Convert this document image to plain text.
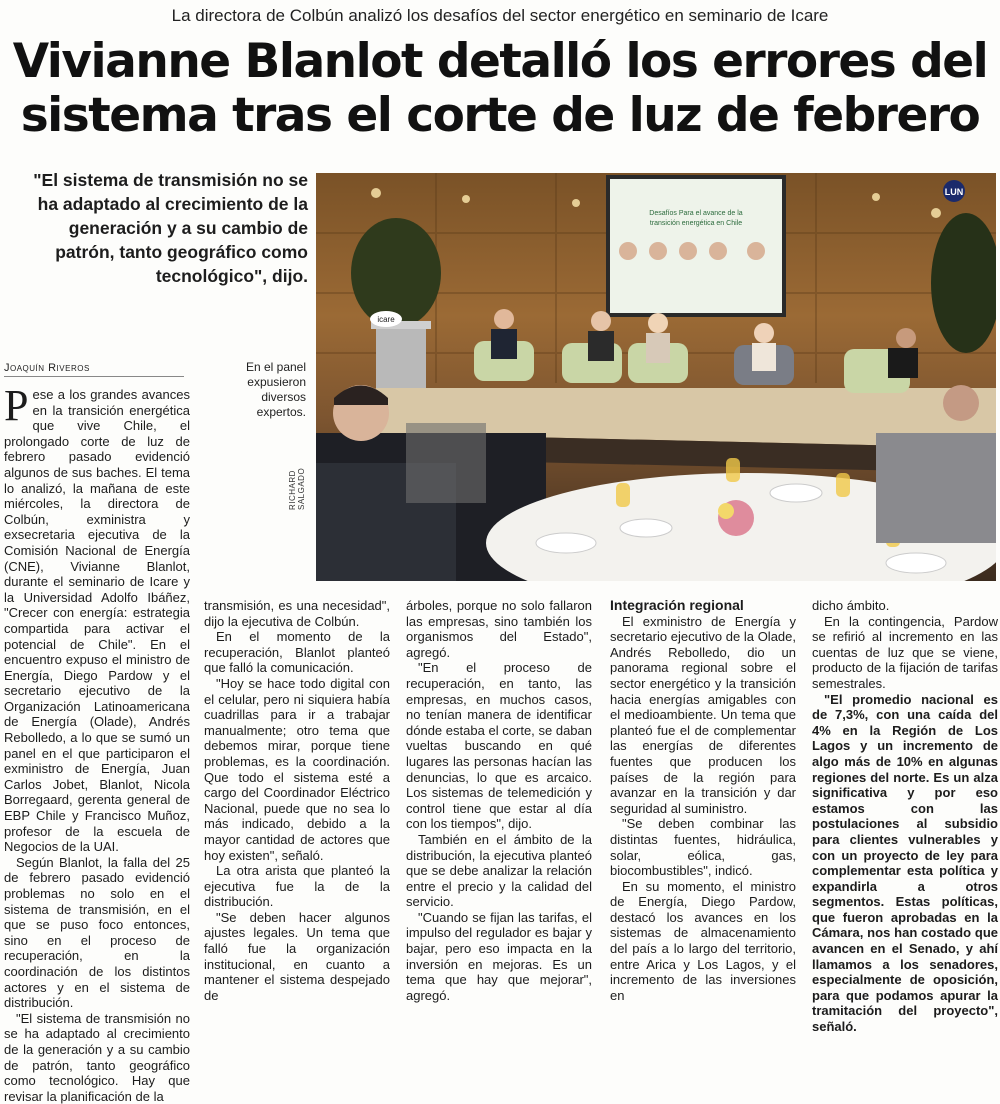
La directora de Colbún analizó los desafíos del sector energético en seminario de Icare
Vivianne Blanlot detalló los errores del
sistema tras el corte de luz de febrero
"El sistema de transmisión no se ha adaptado al crecimiento de la generación y a su cambio de patrón, tanto geográfico como tecnológico", dijo.
Desafíos Para el avance de la
transición energética en Chile
icare
LUN
En el panel expusieron diversos expertos.
RICHARD SALGADO
Joaquín Riveros

Pese a los grandes avances en la transición energética que vive Chile, el prolongado corte de luz de febrero pasado evidenció algunos de sus baches. El tema lo analizó, la mañana de este miércoles, la directora de Colbún, exministra y exsecretaria ejecutiva de la Comisión Nacional de Energía (CNE), Vivianne Blanlot, durante el seminario de Icare y la Universidad Adolfo Ibáñez, "Crecer con energía: estrategia compartida para activar el potencial de Chile". En el encuentro expuso el ministro de Energía, Diego Pardow y el secretario ejecutivo de la Organización Latinoamericana de Energía (Olade), Andrés Rebolledo, a lo que se sumó un panel en el que participaron el exministro de Energía, Juan Carlos Jobet, Blanlot, Nicola Borregaard, gerenta general de EBP Chile y Francisco Muñoz, profesor de la escuela de Negocios de la UAI.

Según Blanlot, la falla del 25 de febrero pasado evidenció problemas no solo en el sistema de transmisión, en el que se puso foco entonces, sino en el proceso de recuperación, en la coordinación de los distintos actores y en el sistema de distribución.

"El sistema de transmisión no se ha adaptado al crecimiento de la generación y a su cambio de patrón, tanto geográfico como tecnológico. Hay que revisar la planificación de la

transmisión, es una necesidad", dijo la ejecutiva de Colbún.

En el momento de la recuperación, Blanlot planteó que falló la comunicación.

"Hoy se hace todo digital con el celular, pero ni siquiera había cuadrillas para ir a trabajar manualmente; otro tema que debemos mirar, porque tiene problemas, es la coordinación. Que todo el sistema esté a cargo del Coordinador Eléctrico Nacional, puede que no sea lo más indicado, debido a la mayor cantidad de actores que hoy existen", señaló.

La otra arista que planteó la ejecutiva fue la de la distribución.

"Se deben hacer algunos ajustes legales. Un tema que falló fue la organización institucional, en cuanto a mantener el sistema despejado de

árboles, porque no solo fallaron las empresas, sino también los organismos del Estado", agregó.

"En el proceso de recuperación, en tanto, las empresas, en muchos casos, no tenían manera de identificar dónde estaba el corte, se daban vueltas buscando en qué lugares las personas hacían las denuncias, lo que es arcaico. Los sistemas de telemedición y control tiene que estar al día con los tiempos", dijo.

También en el ámbito de la distribución, la ejecutiva planteó que se debe analizar la relación entre el precio y la calidad del servicio.

"Cuando se fijan las tarifas, el impulso del regulador es bajar y bajar, pero eso impacta en la inversión en mejoras. Es un tema que hay que mejorar", agregó.

Integración regional

El exministro de Energía y secretario ejecutivo de la Olade, Andrés Rebolledo, dio un panorama regional sobre el sector energético y la transición hacia energías amigables con el medioambiente. Un tema que planteó fue el de complementar las energías de diferentes fuentes que producen los países de la región para avanzar en la transición y dar seguridad al suministro.

"Se deben combinar las distintas fuentes, hidráulica, solar, eólica, gas, biocombustibles", indicó.

En su momento, el ministro de Energía, Diego Pardow, destacó los avances en los sistemas de almacenamiento del país a lo largo del territorio, entre Arica y Los Lagos, y el incremento de las inversiones en

dicho ámbito.

En la contingencia, Pardow se refirió al incremento en las cuentas de luz que se viene, producto de la fijación de tarifas semestrales.

"El promedio nacional es de 7,3%, con una caída del 4% en la Región de Los Lagos y un incremento de algo más de 10% en algunas regiones del norte. Es un alza significativa y por eso estamos con las postulaciones al subsidio para clientes vulnerables y con un proyecto de ley para complementar esta política y expandirla a otros segmentos. Estas políticas, que fueron aprobadas en la Cámara, nos han costado que avancen en el Senado, y ahí llamamos a los senadores, especialmente de oposición, para que podamos apurar la tramitación del proyecto", señaló.
